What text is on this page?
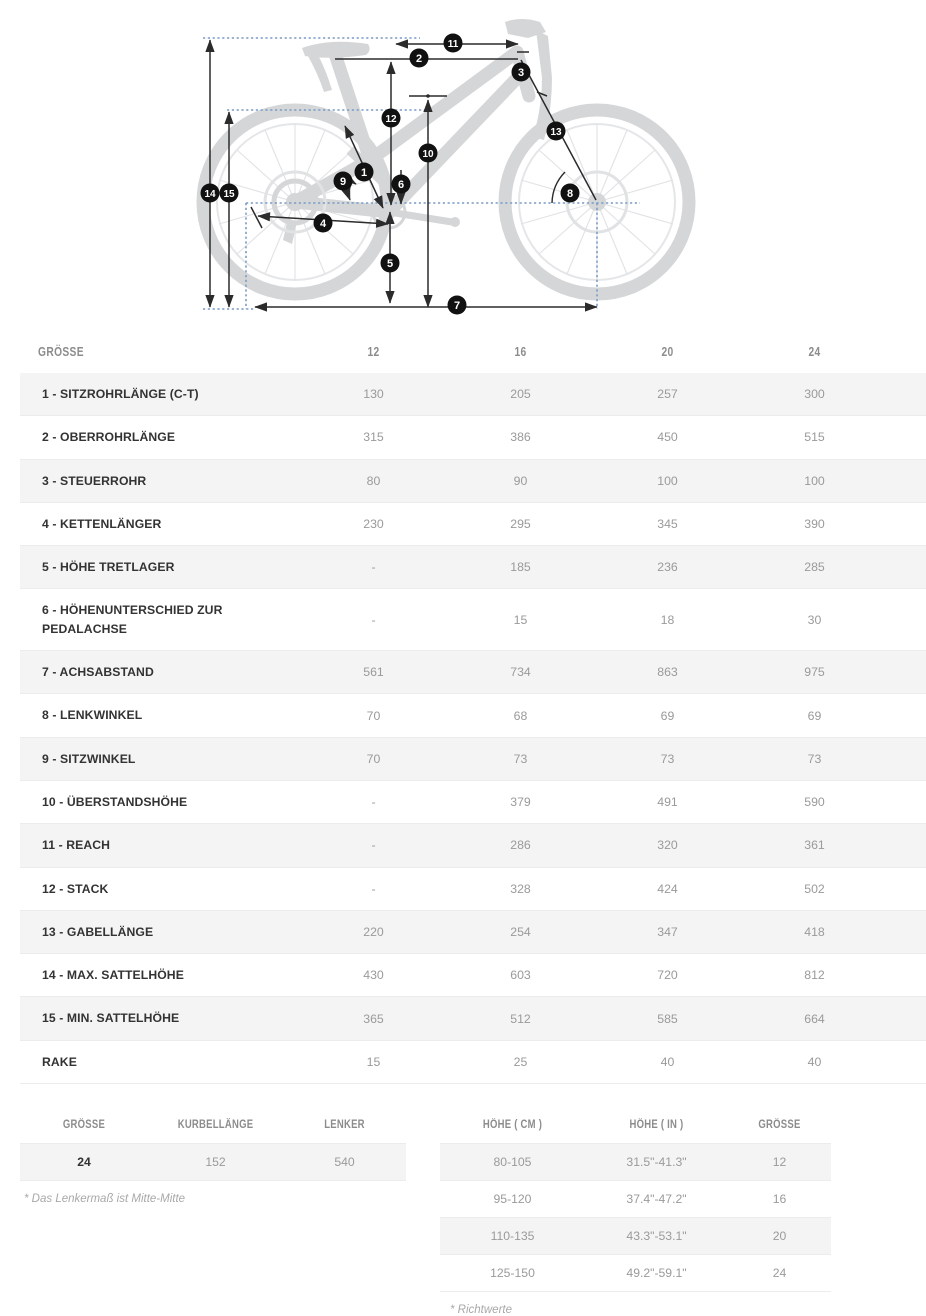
1
2
3
4
5
6
7
8
9
10
11
12
13
14 15
GRÖSSE	12	16	20	24	
1 - SITZROHRLÄNGE (C-T)	130	205	257	300	
2 - OBERROHRLÄNGE	315	386	450	515	
3 - STEUERROHR	80	90	100	100	
4 - KETTENLÄNGER	230	295	345	390	
5 - HÖHE TRETLAGER	-	185	236	285	
6 - HÖHENUNTERSCHIED ZUR PEDALACHSE	-	15	18	30	
7 - ACHSABSTAND	561	734	863	975	
8 - LENKWINKEL	70	68	69	69	
9 - SITZWINKEL	70	73	73	73	
10 - ÜBERSTANDSHÖHE	-	379	491	590	
11 - REACH	-	286	320	361	
12 - STACK	-	328	424	502	
13 - GABELLÄNGE	220	254	347	418	
14 - MAX. SATTELHÖHE	430	603	720	812	
15 - MIN. SATTELHÖHE	365	512	585	664	
RAKE	15	25	40	40	
GRÖSSE	KURBELLÄNGE	LENKER
24	152	540
* Das Lenkermaß ist Mitte-Mitte
HÖHE ( CM )	HÖHE ( IN )	GRÖSSE
80-105	31.5"-41.3"	12
95-120	37.4"-47.2"	16
110-135	43.3"-53.1"	20
125-150	49.2"-59.1"	24
* Richtwerte
